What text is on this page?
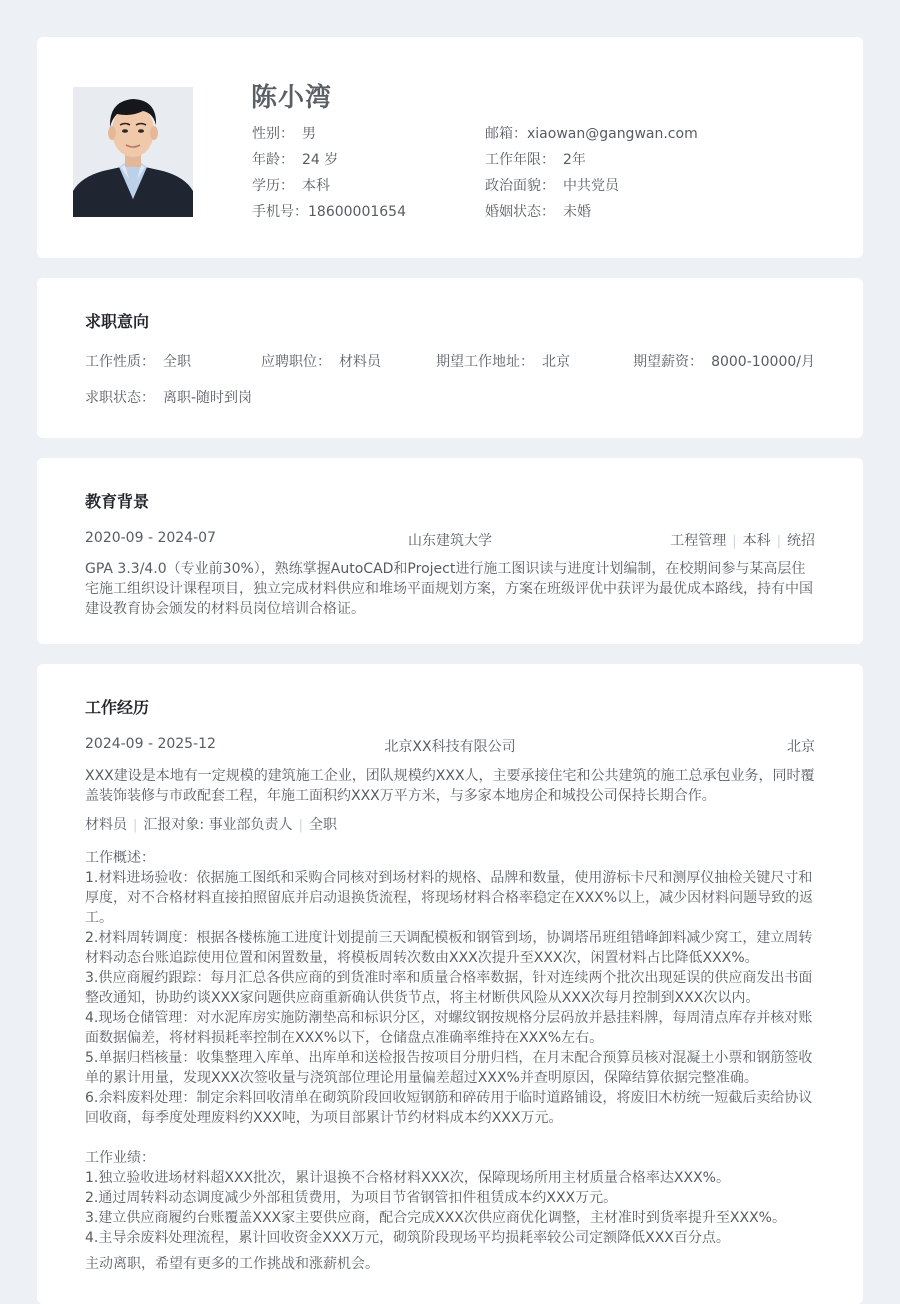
陈小湾
性别： 男
年龄： 24 岁
学历： 本科
手机号：18600001654
邮箱：xiaowan@gangwan.com
工作年限： 2年
政治面貌： 中共党员
婚姻状态： 未婚
求职意向
工作性质： 全职	应聘职位： 材料员	期望工作地址： 北京	期望薪资： 8000-10000/月
求职状态： 离职-随时到岗
教育背景
2020-09 - 2024-07	山东建筑大学	工程管理 | 本科 | 统招
GPA 3.3/4.0（专业前30%），熟练掌握AutoCAD和Project进行施工图识读与进度计划编制，在校期间参与某高层住宅施工组织设计课程项目，独立完成材料供应和堆场平面规划方案，方案在班级评优中获评为最优成本路线，持有中国建设教育协会颁发的材料员岗位培训合格证。
工作经历
2024-09 - 2025-12	北京XX科技有限公司	北京
XXX建设是本地有一定规模的建筑施工企业，团队规模约XXX人，主要承接住宅和公共建筑的施工总承包业务，同时覆盖装饰装修与市政配套工程，年施工面积约XXX万平方米，与多家本地房企和城投公司保持长期合作。
材料员 | 汇报对象: 事业部负责人 | 全职
工作概述：
1.材料进场验收：依据施工图纸和采购合同核对到场材料的规格、品牌和数量，使用游标卡尺和测厚仪抽检关键尺寸和厚度，对不合格材料直接拍照留底并启动退换货流程，将现场材料合格率稳定在XXX%以上，减少因材料问题导致的返工。
2.材料周转调度：根据各楼栋施工进度计划提前三天调配模板和钢管到场，协调塔吊班组错峰卸料减少窝工，建立周转材料动态台账追踪使用位置和闲置数量，将模板周转次数由XXX次提升至XXX次，闲置材料占比降低XXX%。
3.供应商履约跟踪：每月汇总各供应商的到货准时率和质量合格率数据，针对连续两个批次出现延误的供应商发出书面整改通知，协助约谈XXX家问题供应商重新确认供货节点，将主材断供风险从XXX次每月控制到XXX次以内。
4.现场仓储管理：对水泥库房实施防潮垫高和标识分区，对螺纹钢按规格分层码放并悬挂料牌，每周清点库存并核对账面数据偏差，将材料损耗率控制在XXX%以下，仓储盘点准确率维持在XXX%左右。
5.单据归档核量：收集整理入库单、出库单和送检报告按项目分册归档，在月末配合预算员核对混凝土小票和钢筋签收单的累计用量，发现XXX次签收量与浇筑部位理论用量偏差超过XXX%并查明原因，保障结算依据完整准确。
6.余料废料处理：制定余料回收清单在砌筑阶段回收短钢筋和碎砖用于临时道路铺设，将废旧木枋统一短截后卖给协议回收商，每季度处理废料约XXX吨，为项目部累计节约材料成本约XXX万元。
工作业绩：
1.独立验收进场材料超XXX批次，累计退换不合格材料XXX次，保障现场所用主材质量合格率达XXX%。
2.通过周转料动态调度减少外部租赁费用，为项目节省钢管扣件租赁成本约XXX万元。
3.建立供应商履约台账覆盖XXX家主要供应商，配合完成XXX次供应商优化调整，主材准时到货率提升至XXX%。
4.主导余废料处理流程，累计回收资金XXX万元，砌筑阶段现场平均损耗率较公司定额降低XXX百分点。
主动离职，希望有更多的工作挑战和涨薪机会。
